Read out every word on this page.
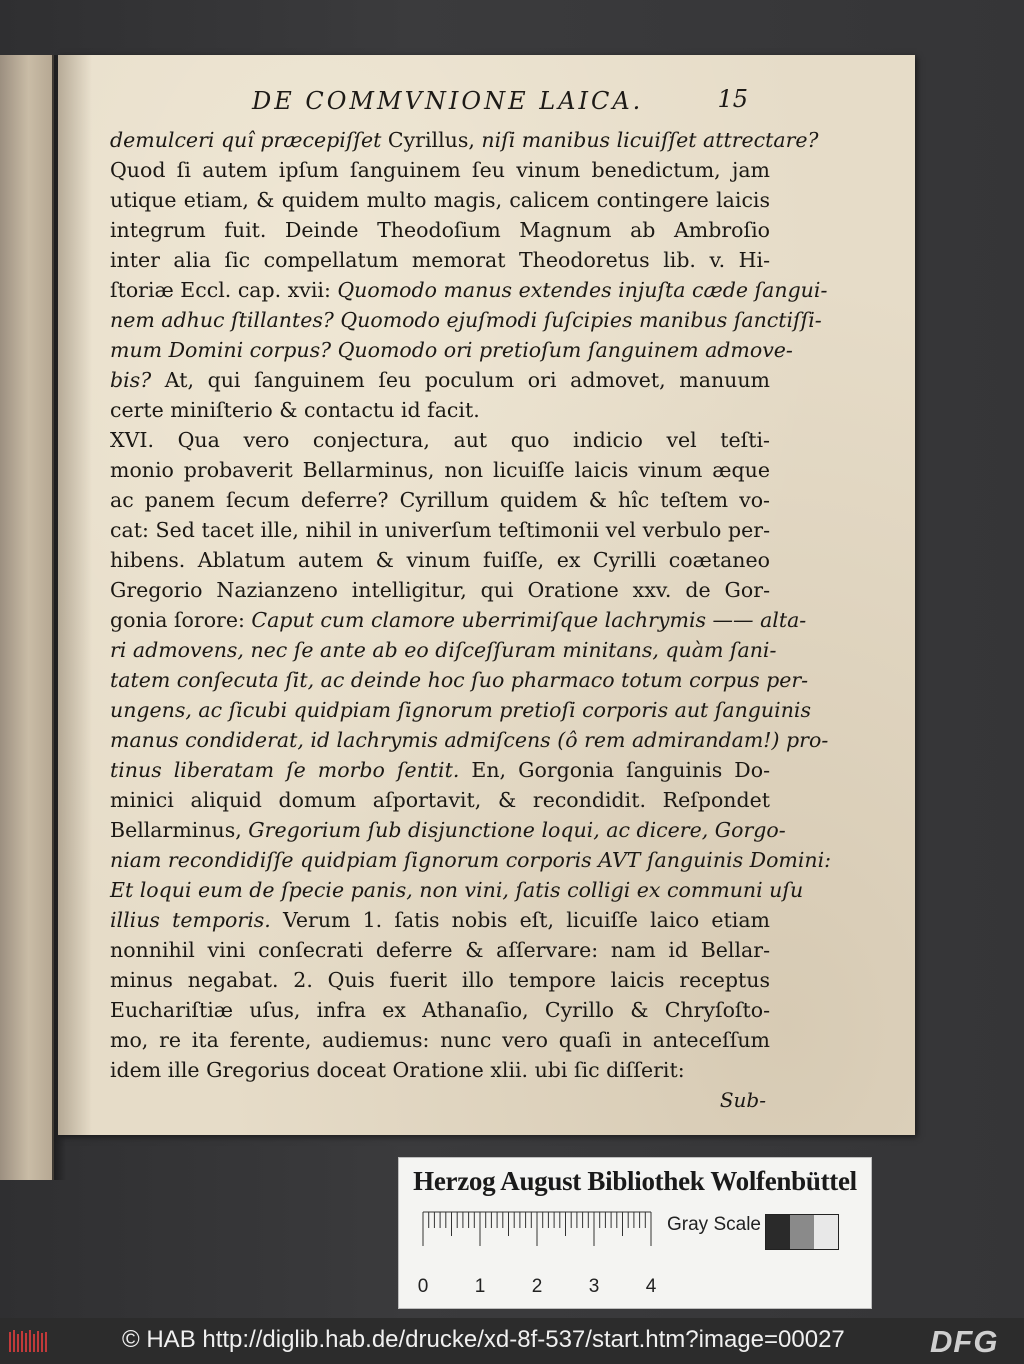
DE COMMVNIONE LAICA.	15
demulceri quî præcepiſſet Cyrillus, niſi manibus licuiſſet attrectare?
Quod ſi autem ipſum ſanguinem ſeu vinum benedictum, jam
utique etiam, & quidem multo magis, calicem contingere laicis
integrum fuit. Deinde Theodoſium Magnum ab Ambroſio
inter alia ſic compellatum memorat Theodoretus lib. v. Hi-
ſtoriæ Eccl. cap. xvii: Quomodo manus extendes injuſta cæde ſangui-
nem adhuc ſtillantes? Quomodo ejuſmodi ſuſcipies manibus ſanctiſſi-
mum Domini corpus? Quomodo ori pretioſum ſanguinem admove-
bis? At, qui ſanguinem ſeu poculum ori admovet, manuum
certe miniſterio & contactu id facit.
XVI. Qua vero conjectura, aut quo indicio vel teſti-
monio probaverit Bellarminus, non licuiſſe laicis vinum æque
ac panem ſecum deferre? Cyrillum quidem & hîc teſtem vo-
cat: Sed tacet ille, nihil in univerſum teſtimonii vel verbulo per-
hibens. Ablatum autem & vinum fuiſſe, ex Cyrilli coætaneo
Gregorio Nazianzeno intelligitur, qui Oratione xxv. de Gor-
gonia ſorore: Caput cum clamore uberrimiſque lachrymis —— alta-
ri admovens, nec ſe ante ab eo diſceſſuram minitans, quàm ſani-
tatem conſecuta ſit, ac deinde hoc ſuo pharmaco totum corpus per-
ungens, ac ſicubi quidpiam ſignorum pretioſi corporis aut ſanguinis
manus condiderat, id lachrymis admiſcens (ô rem admirandam!) pro-
tinus liberatam ſe morbo ſentit. En, Gorgonia ſanguinis Do-
minici aliquid domum aſportavit, & recondidit. Reſpondet
Bellarminus, Gregorium ſub disjunctione loqui, ac dicere, Gorgo-
niam recondidiſſe quidpiam ſignorum corporis AVT ſanguinis Domini:
Et loqui eum de ſpecie panis, non vini, ſatis colligi ex communi uſu
illius temporis. Verum 1. ſatis nobis eſt, licuiſſe laico etiam
nonnihil vini conſecrati deferre & aſſervare: nam id Bellar-
minus negabat. 2. Quis fuerit illo tempore laicis receptus
Euchariſtiæ uſus, infra ex Athanaſio, Cyrillo & Chryſoſto-
mo, re ita ferente, audiemus: nunc vero quaſi in anteceſſum
idem ille Gregorius doceat Oratione xlii. ubi ſic diſſerit:
Sub-
Herzog August Bibliothek Wolfenbüttel
0 1 2 3 4
Gray Scale
© HAB http://diglib.hab.de/drucke/xd-8f-537/start.htm?image=00027	DFG
